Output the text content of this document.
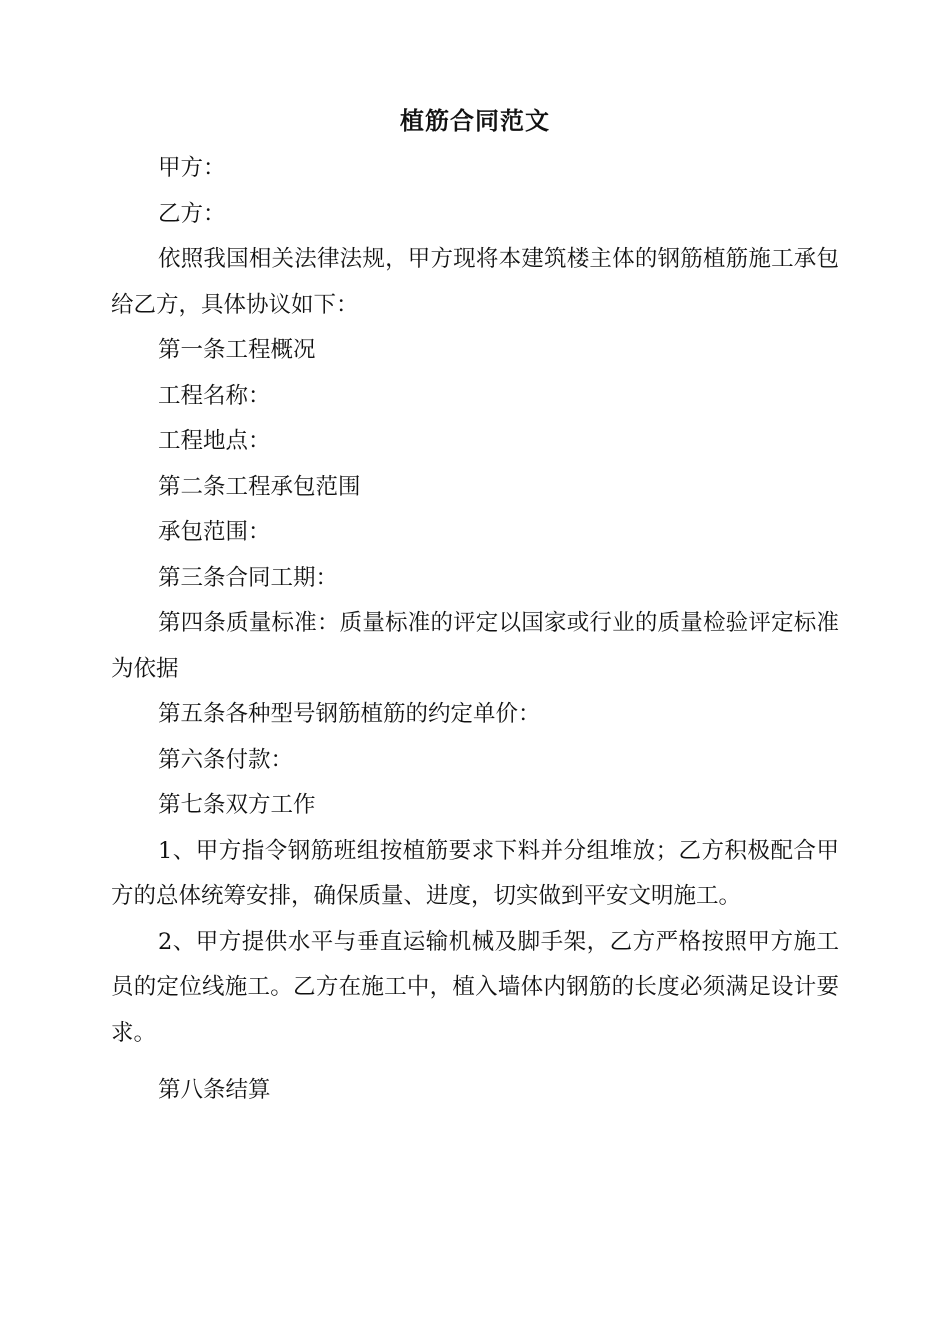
植筋合同范文

甲方：

乙方：

依照我国相关法律法规，甲方现将本建筑楼主体的钢筋植筋施工承包给乙方，具体协议如下：

第一条工程概况

工程名称：

工程地点：

第二条工程承包范围

承包范围：

第三条合同工期：

第四条质量标准：质量标准的评定以国家或行业的质量检验评定标准为依据

第五条各种型号钢筋植筋的约定单价：

第六条付款：

第七条双方工作

1、甲方指令钢筋班组按植筋要求下料并分组堆放；乙方积极配合甲方的总体统筹安排，确保质量、进度，切实做到平安文明施工。

2、甲方提供水平与垂直运输机械及脚手架，乙方严格按照甲方施工员的定位线施工。乙方在施工中，植入墙体内钢筋的长度必须满足设计要求。

第八条结算
